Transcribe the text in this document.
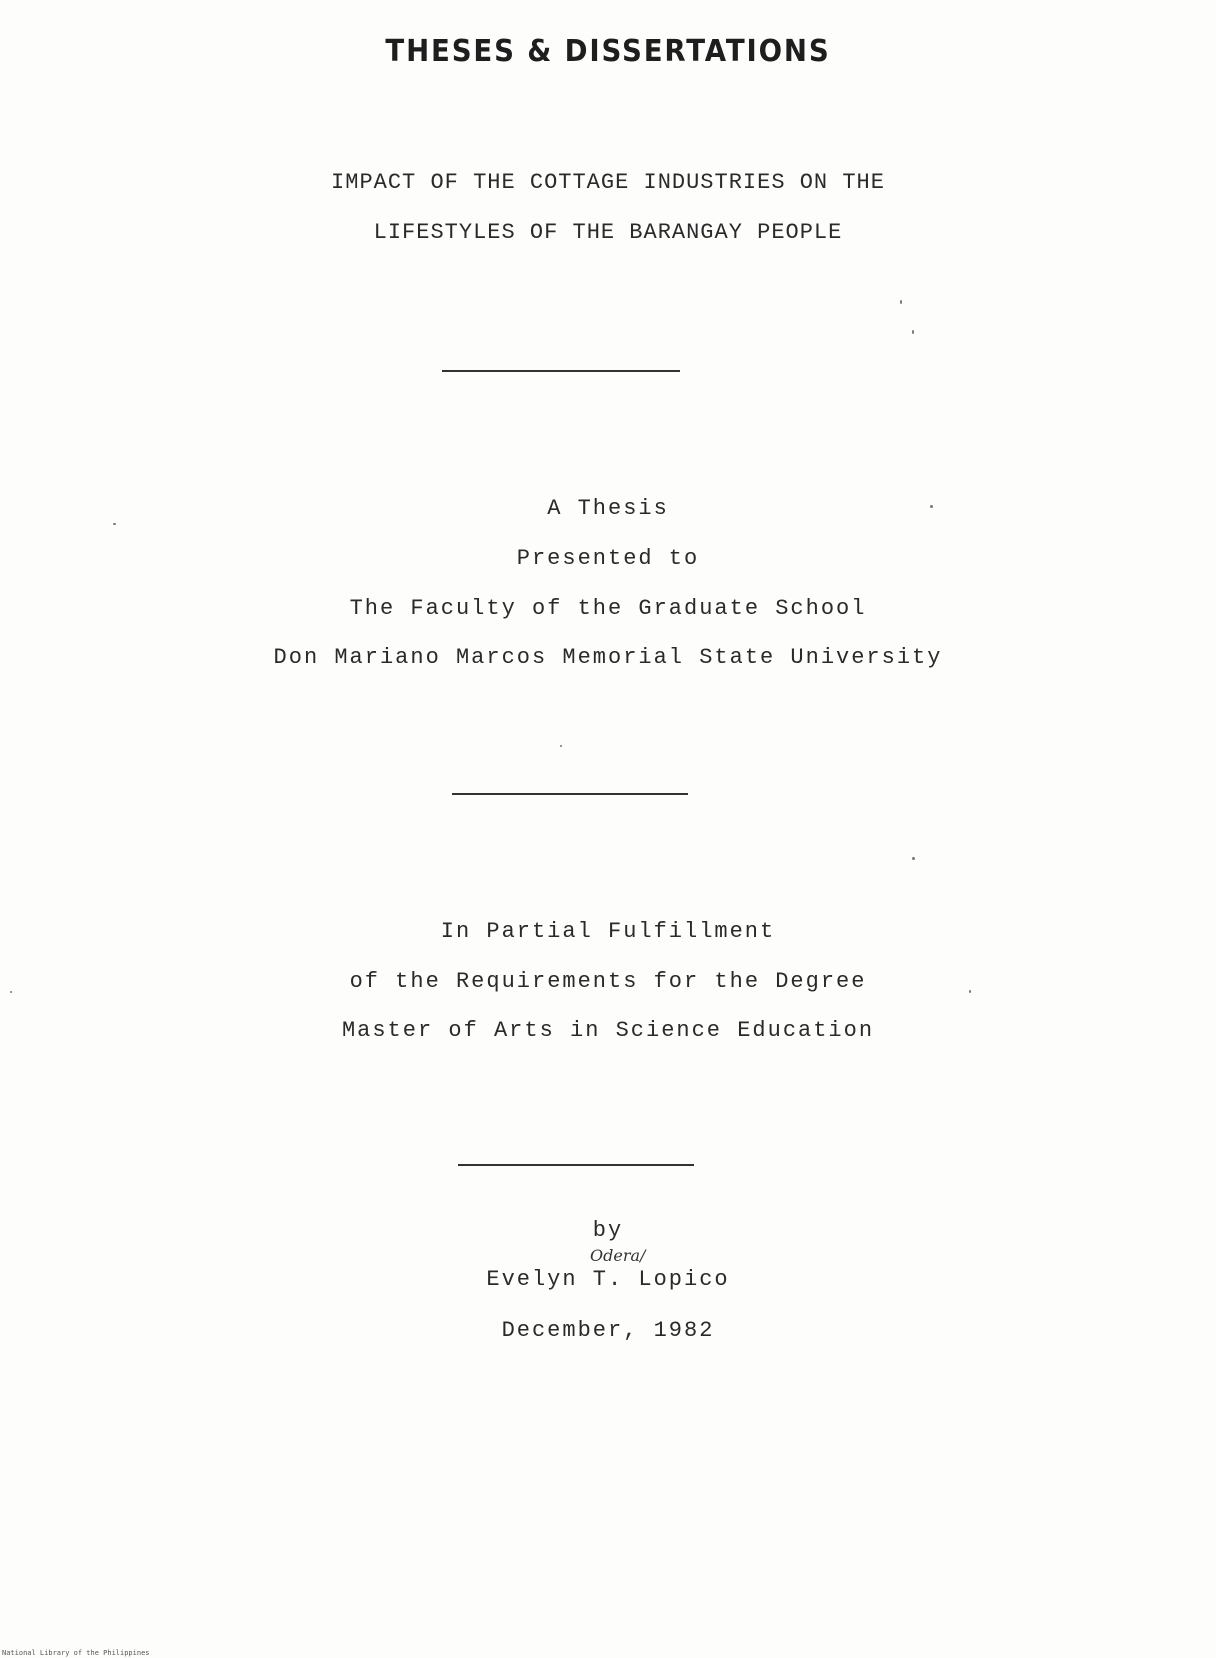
THESES & DISSERTATIONS
IMPACT OF THE COTTAGE INDUSTRIES ON THE
LIFESTYLES OF THE BARANGAY PEOPLE
A Thesis
Presented to
The Faculty of the Graduate School
Don Mariano Marcos Memorial State University
In Partial Fulfillment
of the Requirements for the Degree
Master of Arts in Science Education
by
Evelyn T. Lopico
Odera/
December, 1982
National Library of the Philippines
